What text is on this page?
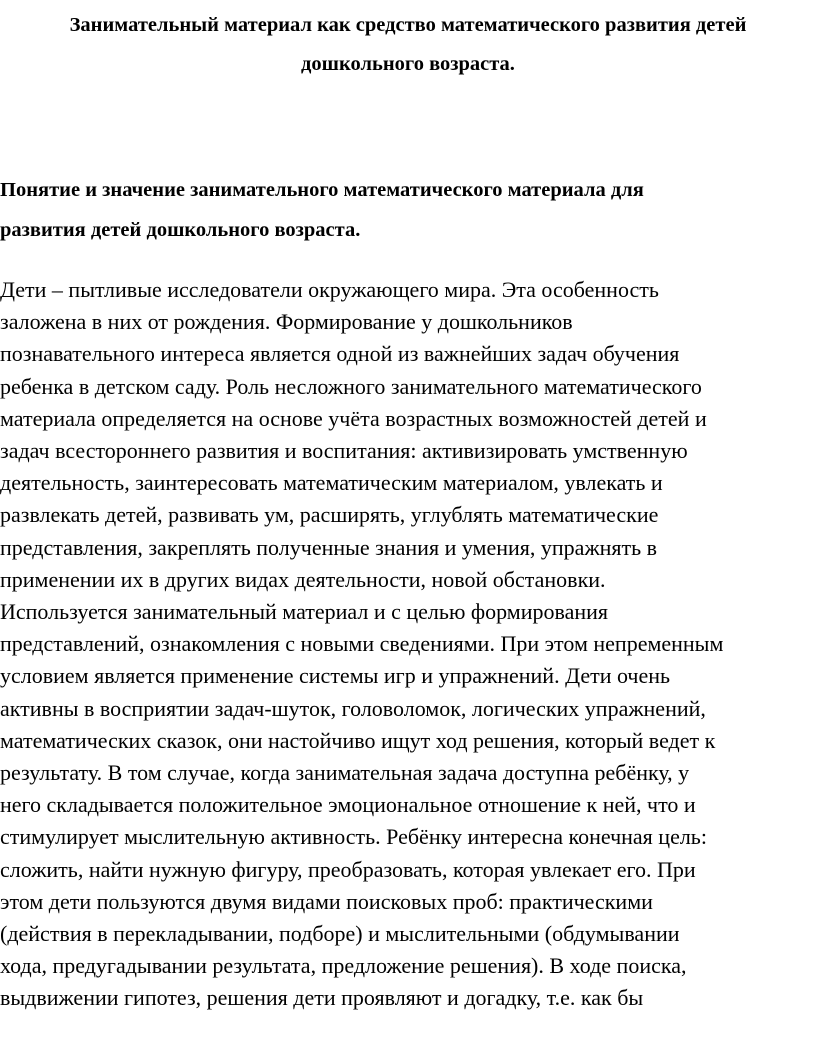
Занимательный материал как средство математического развития детей
дошкольного возраста.
Понятие и значение занимательного математического материала для
развития детей дошкольного возраста.

Дети – пытливые исследователи окружающего мира. Эта особенность
заложена в них от рождения. Формирование у дошкольников
познавательного интереса является одной из важнейших задач обучения
ребенка в детском саду. Роль несложного занимательного математического
материала определяется на основе учёта возрастных возможностей детей и
задач всестороннего развития и воспитания: активизировать умственную
деятельность, заинтересовать математическим материалом, увлекать и
развлекать детей, развивать ум, расширять, углублять математические
представления, закреплять полученные знания и умения, упражнять в
применении их в других видах деятельности, новой обстановки.
Используется занимательный материал и с целью формирования
представлений, ознакомления с новыми сведениями. При этом непременным
условием является применение системы игр и упражнений. Дети очень
активны в восприятии задач-шуток, головоломок, логических упражнений,
математических сказок, они настойчиво ищут ход решения, который ведет к
результату. В том случае, когда занимательная задача доступна ребёнку, у
него складывается положительное эмоциональное отношение к ней, что и
стимулирует мыслительную активность. Ребёнку интересна конечная цель:
сложить, найти нужную фигуру, преобразовать, которая увлекает его. При
этом дети пользуются двумя видами поисковых проб: практическими
(действия в перекладывании, подборе) и мыслительными (обдумывании
хода, предугадывании результата, предложение решения). В ходе поиска,
выдвижении гипотез, решения дети проявляют и догадку, т.е. как бы
